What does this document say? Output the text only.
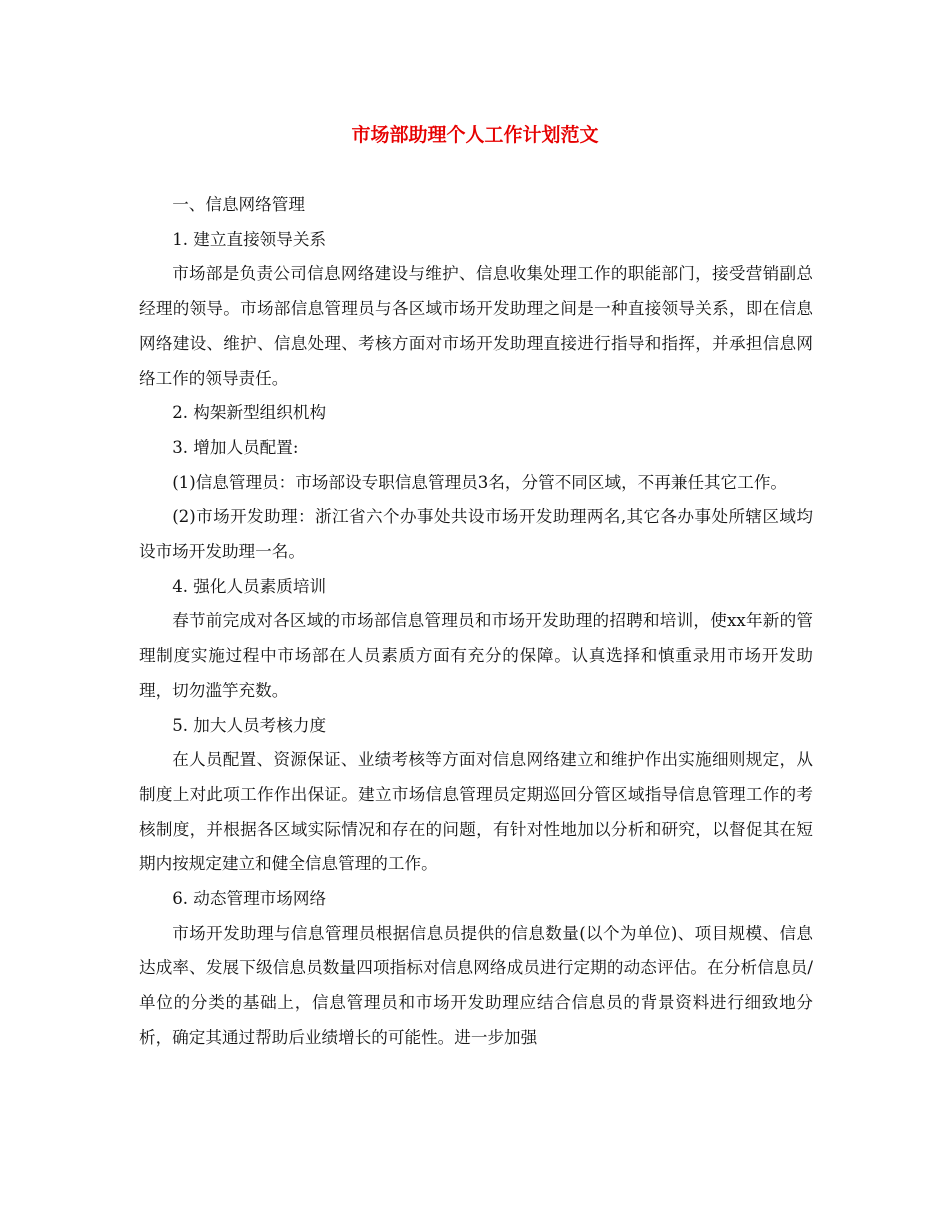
市场部助理个人工作计划范文

一、信息网络管理

1. 建立直接领导关系

市场部是负责公司信息网络建设与维护、信息收集处理工作的职能部门，接受营销副总经理的领导。市场部信息管理员与各区域市场开发助理之间是一种直接领导关系，即在信息网络建设、维护、信息处理、考核方面对市场开发助理直接进行指导和指挥，并承担信息网络工作的领导责任。

2. 构架新型组织机构

3. 增加人员配置:

(1)信息管理员：市场部设专职信息管理员3名，分管不同区域，不再兼任其它工作。

(2)市场开发助理：浙江省六个办事处共设市场开发助理两名,其它各办事处所辖区域均设市场开发助理一名。

4. 强化人员素质培训

春节前完成对各区域的市场部信息管理员和市场开发助理的招聘和培训，使xx年新的管理制度实施过程中市场部在人员素质方面有充分的保障。认真选择和慎重录用市场开发助理，切勿滥竽充数。

5. 加大人员考核力度

在人员配置、资源保证、业绩考核等方面对信息网络建立和维护作出实施细则规定，从制度上对此项工作作出保证。建立市场信息管理员定期巡回分管区域指导信息管理工作的考核制度，并根据各区域实际情况和存在的问题，有针对性地加以分析和研究，以督促其在短期内按规定建立和健全信息管理的工作。

6. 动态管理市场网络

市场开发助理与信息管理员根据信息员提供的信息数量(以个为单位)、项目规模、信息达成率、发展下级信息员数量四项指标对信息网络成员进行定期的动态评估。在分析信息员/单位的分类的基础上，信息管理员和市场开发助理应结合信息员的背景资料进行细致地分析，确定其通过帮助后业绩增长的可能性。进一步加强
